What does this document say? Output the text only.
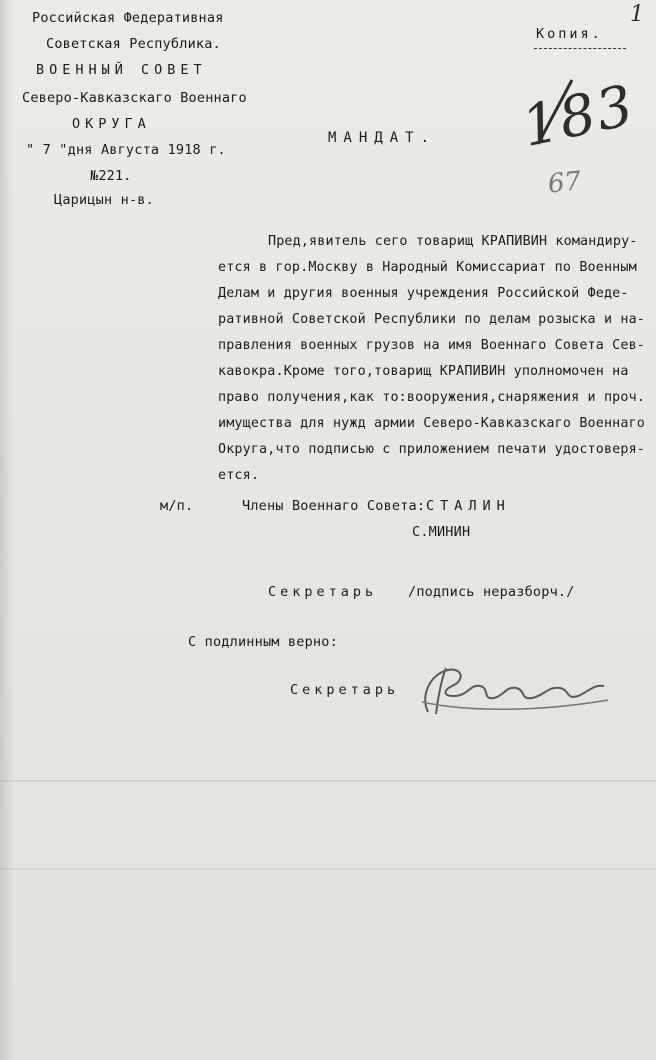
Российская Федеративная
Советская Республика.
ВОЕННЫЙ СОВЕТ
Северо-Кавказскаго Военнаго
ОКРУГА
" 7 "дня Августа 1918 г.
№221.
Царицын н-в.
Копия.
1
183
67
МАНДАТ.
Пред,явитель сего товарищ КРАПИВИН командиру-
ется в гор.Москву в Народный Комиссариат по Военным
Делам и другия военныя учреждения Российской Феде-
ративной Советской Республики по делам розыска и на-
правления военных грузов на имя Военнаго Совета Сев-
кавокра.Кроме того,товарищ КРАПИВИН уполномочен на
право получения,как то:вооружения,снаряжения и проч.
имущества для нужд армии Северо-Кавказскаго Военнаго
Округа,что подписью с приложением печати удостоверя-
ется.
м/п.	Члены Военнаго Совета: СТАЛИН
С.МИНИН
Секретарь /подпись неразборч./
С подлинным верно:
Секретарь
